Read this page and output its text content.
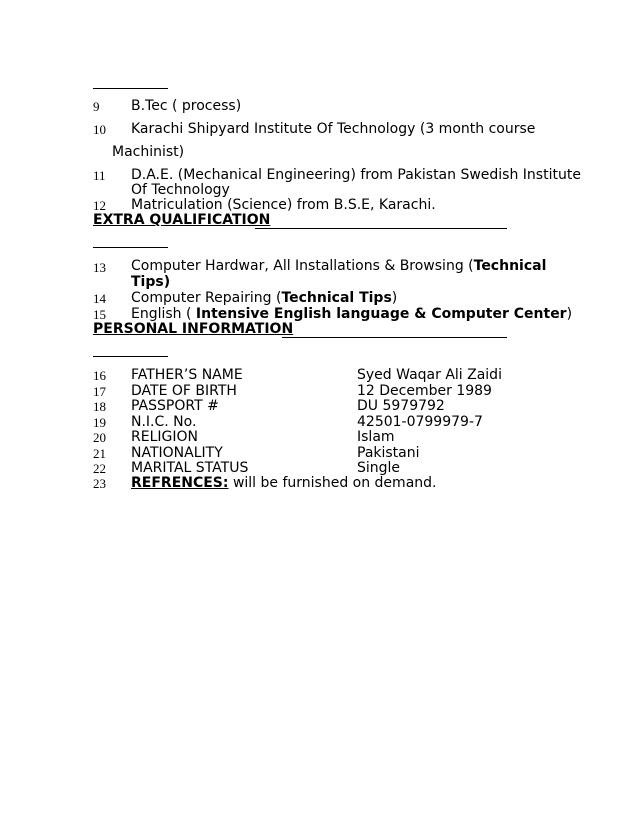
9 B.Tec ( process)
10 Karachi Shipyard Institute Of Technology (3 month course
Machinist)
11 D.A.E. (Mechanical Engineering) from Pakistan Swedish Institute
Of Technology
12 Matriculation (Science) from B.S.E, Karachi.
EXTRA QUALIFICATION
13 Computer Hardwar, All Installations & Browsing (Technical
Tips)
14 Computer Repairing (Technical Tips)
15 English ( Intensive English language & Computer Center)
PERSONAL INFORMATION
16 FATHER’S NAME	Syed Waqar Ali Zaidi
17 DATE OF BIRTH	12 December 1989
18 PASSPORT #	DU 5979792
19 N.I.C. No.	42501-0799979-7
20 RELIGION	Islam
21 NATIONALITY	Pakistani
22 MARITAL STATUS	Single
23 REFRENCES: will be furnished on demand.
